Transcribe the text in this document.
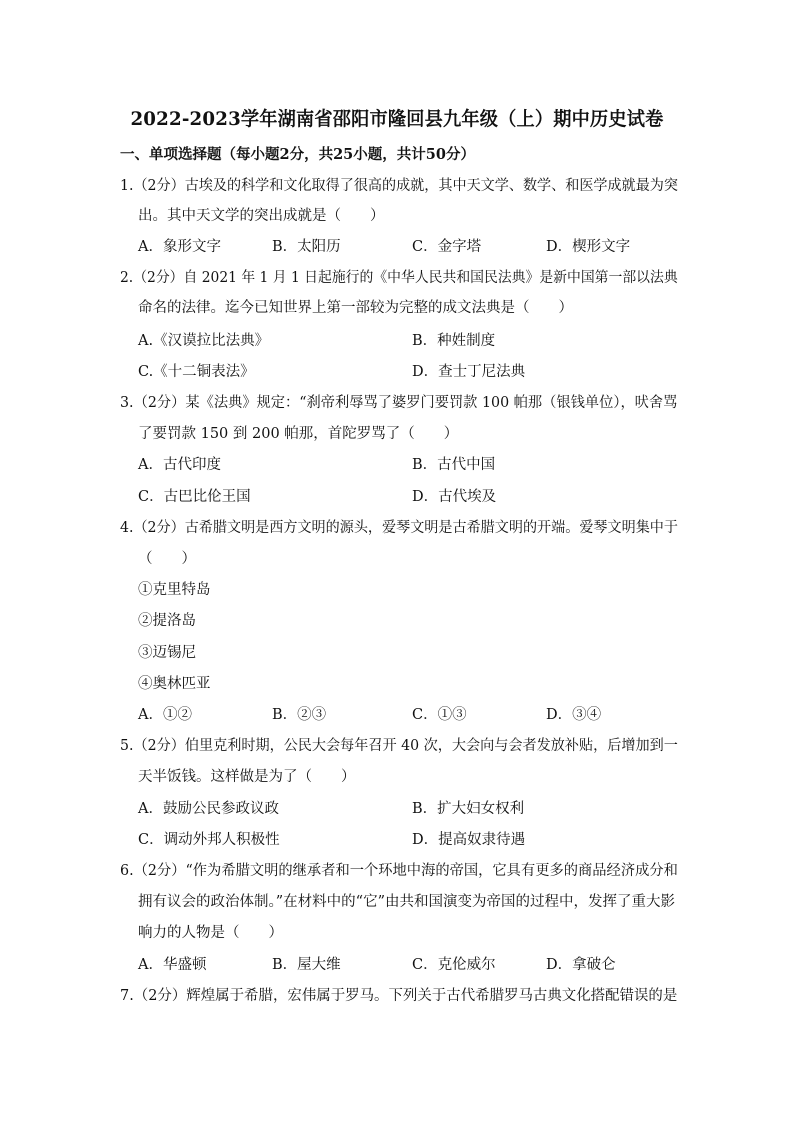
2022-2023学年湖南省邵阳市隆回县九年级（上）期中历史试卷
一、单项选择题（每小题2分，共25小题，共计50分）
1.（2分）古埃及的科学和文化取得了很高的成就，其中天文学、数学、和医学成就最为突
出。其中天文学的突出成就是（　　）
A．象形文字	B．太阳历	C．金字塔	D．楔形文字
2.（2分）自 2021 年 1 月 1 日起施行的《中华人民共和国民法典》是新中国第一部以法典
命名的法律。迄今已知世界上第一部较为完整的成文法典是（　　）
A.《汉谟拉比法典》	B．种姓制度
C.《十二铜表法》	D．查士丁尼法典
3.（2分）某《法典》规定：“刹帝利辱骂了婆罗门要罚款 100 帕那（银钱单位），吠舍骂
了要罚款 150 到 200 帕那，首陀罗骂了（　　）
A．古代印度	B．古代中国
C．古巴比伦王国	D．古代埃及
4.（2分）古希腊文明是西方文明的源头，爱琴文明是古希腊文明的开端。爱琴文明集中于
（　　）
①克里特岛
②提洛岛
③迈锡尼
④奥林匹亚
A．①②	B．②③	C．①③	D．③④
5.（2分）伯里克利时期，公民大会每年召开 40 次，大会向与会者发放补贴，后增加到一
天半饭钱。这样做是为了（　　）
A．鼓励公民参政议政	B．扩大妇女权利
C．调动外邦人积极性	D．提高奴隶待遇
6.（2分）“作为希腊文明的继承者和一个环地中海的帝国，它具有更多的商品经济成分和
拥有议会的政治体制。”在材料中的“它”由共和国演变为帝国的过程中，发挥了重大影
响力的人物是（　　）
A．华盛顿	B．屋大维	C．克伦威尔	D．拿破仑
7.（2分）辉煌属于希腊，宏伟属于罗马。下列关于古代希腊罗马古典文化搭配错误的是
